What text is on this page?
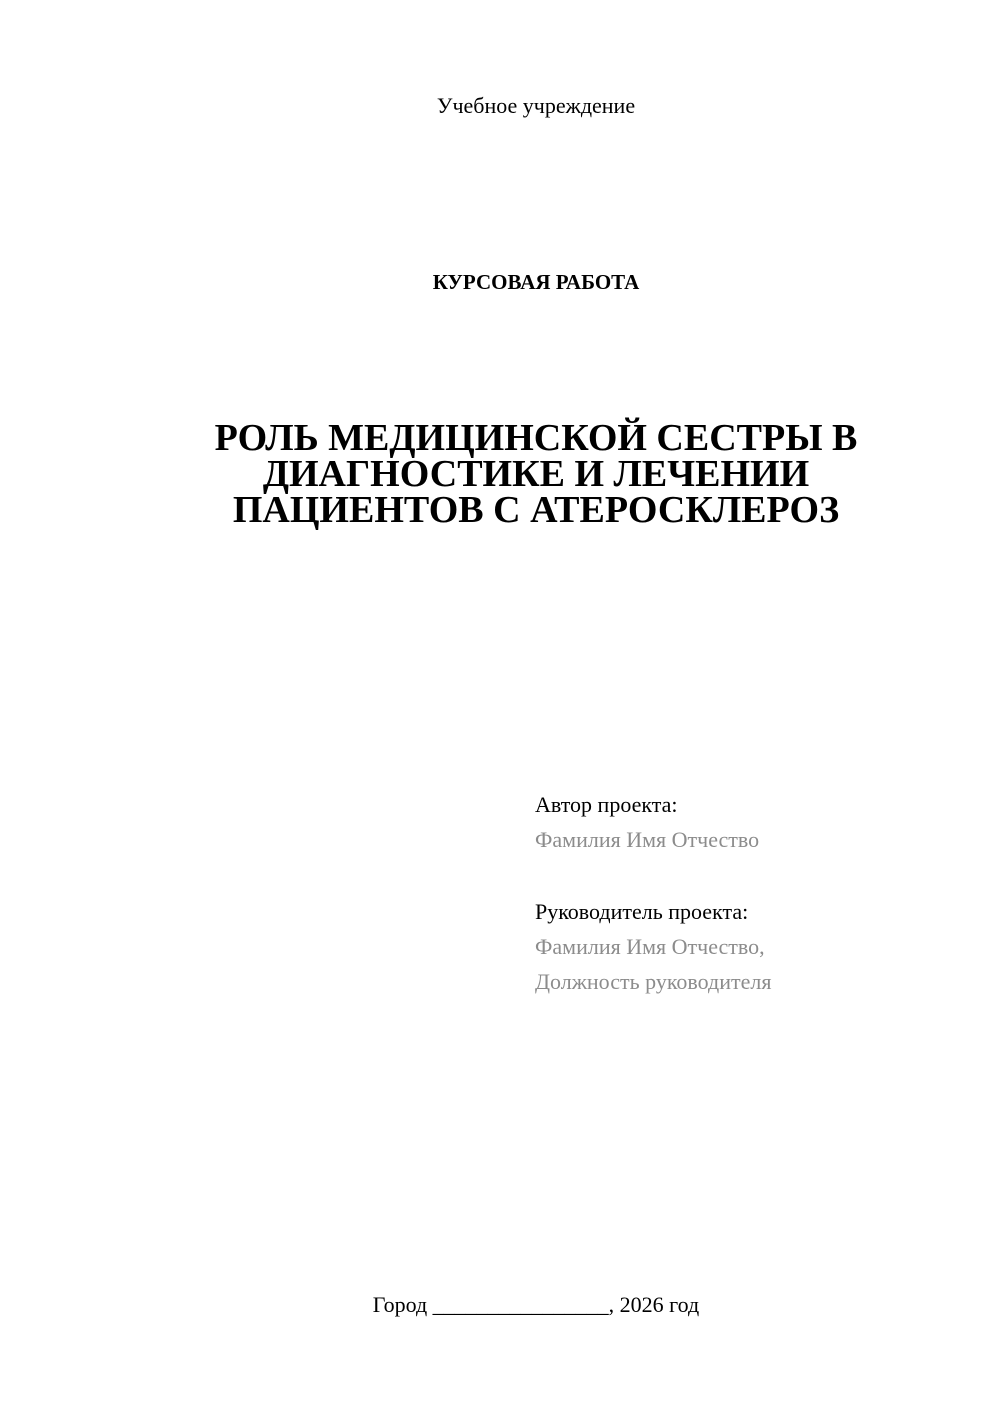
Учебное учреждение
КУРСОВАЯ РАБОТА
РОЛЬ МЕДИЦИНСКОЙ СЕСТРЫ В
ДИАГНОСТИКЕ И ЛЕЧЕНИИ
ПАЦИЕНТОВ С АТЕРОСКЛЕРОЗ
Автор проекта:
Фамилия Имя Отчество
Руководитель проекта:
Фамилия Имя Отчество,
Должность руководителя
Город ________________, 2026 год
